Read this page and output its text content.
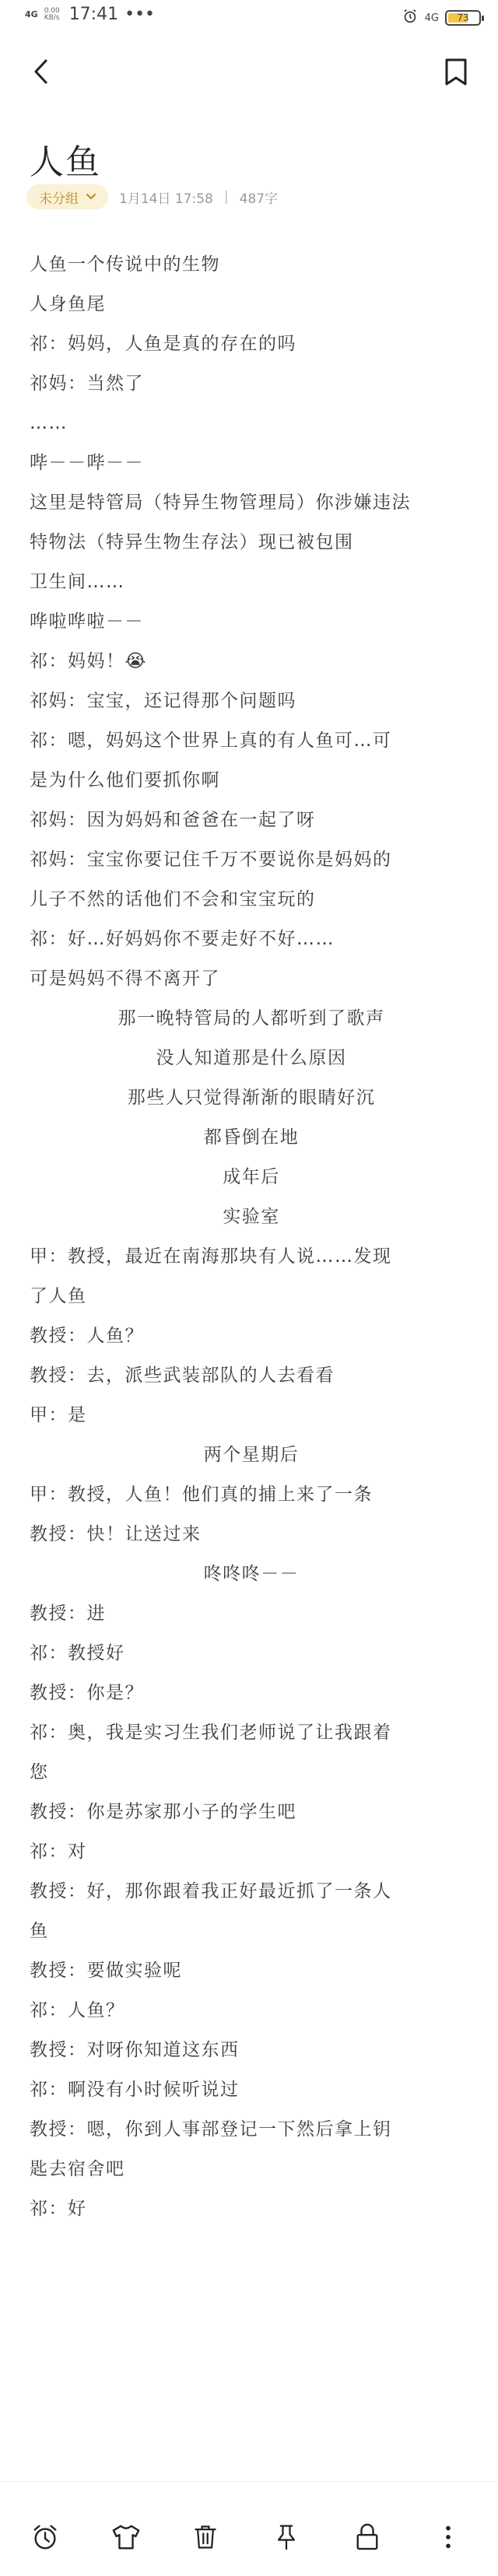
4G 0.00 KB/s 17:41 •••	4G	73
人鱼
未分组	1月14日 17:58 | 487字
人鱼一个传说中的生物
人身鱼尾
祁：妈妈，人鱼是真的存在的吗
祁妈：当然了
……
哔－－哔－－
这里是特管局（特异生物管理局）你涉嫌违法
特物法（特异生物生存法）现已被包围
卫生间……
哗啦哗啦－－
祁：妈妈！😭
祁妈：宝宝，还记得那个问题吗
祁：嗯，妈妈这个世界上真的有人鱼可…可
是为什么他们要抓你啊
祁妈：因为妈妈和爸爸在一起了呀
祁妈：宝宝你要记住千万不要说你是妈妈的
儿子不然的话他们不会和宝宝玩的
祁：好…好妈妈你不要走好不好……
可是妈妈不得不离开了
那一晚特管局的人都听到了歌声
没人知道那是什么原因
那些人只觉得渐渐的眼睛好沉
都昏倒在地
成年后
实验室
甲：教授，最近在南海那块有人说……发现
了人鱼
教授：人鱼？
教授：去，派些武装部队的人去看看
甲：是
两个星期后
甲：教授，人鱼！他们真的捕上来了一条
教授：快！让送过来
咚咚咚－－
教授：进
祁：教授好
教授：你是？
祁：奥，我是实习生我们老师说了让我跟着
您
教授：你是苏家那小子的学生吧
祁：对
教授：好，那你跟着我正好最近抓了一条人
鱼
教授：要做实验呢
祁：人鱼？
教授：对呀你知道这东西
祁：啊没有小时候听说过
教授：嗯，你到人事部登记一下然后拿上钥
匙去宿舍吧
祁：好
